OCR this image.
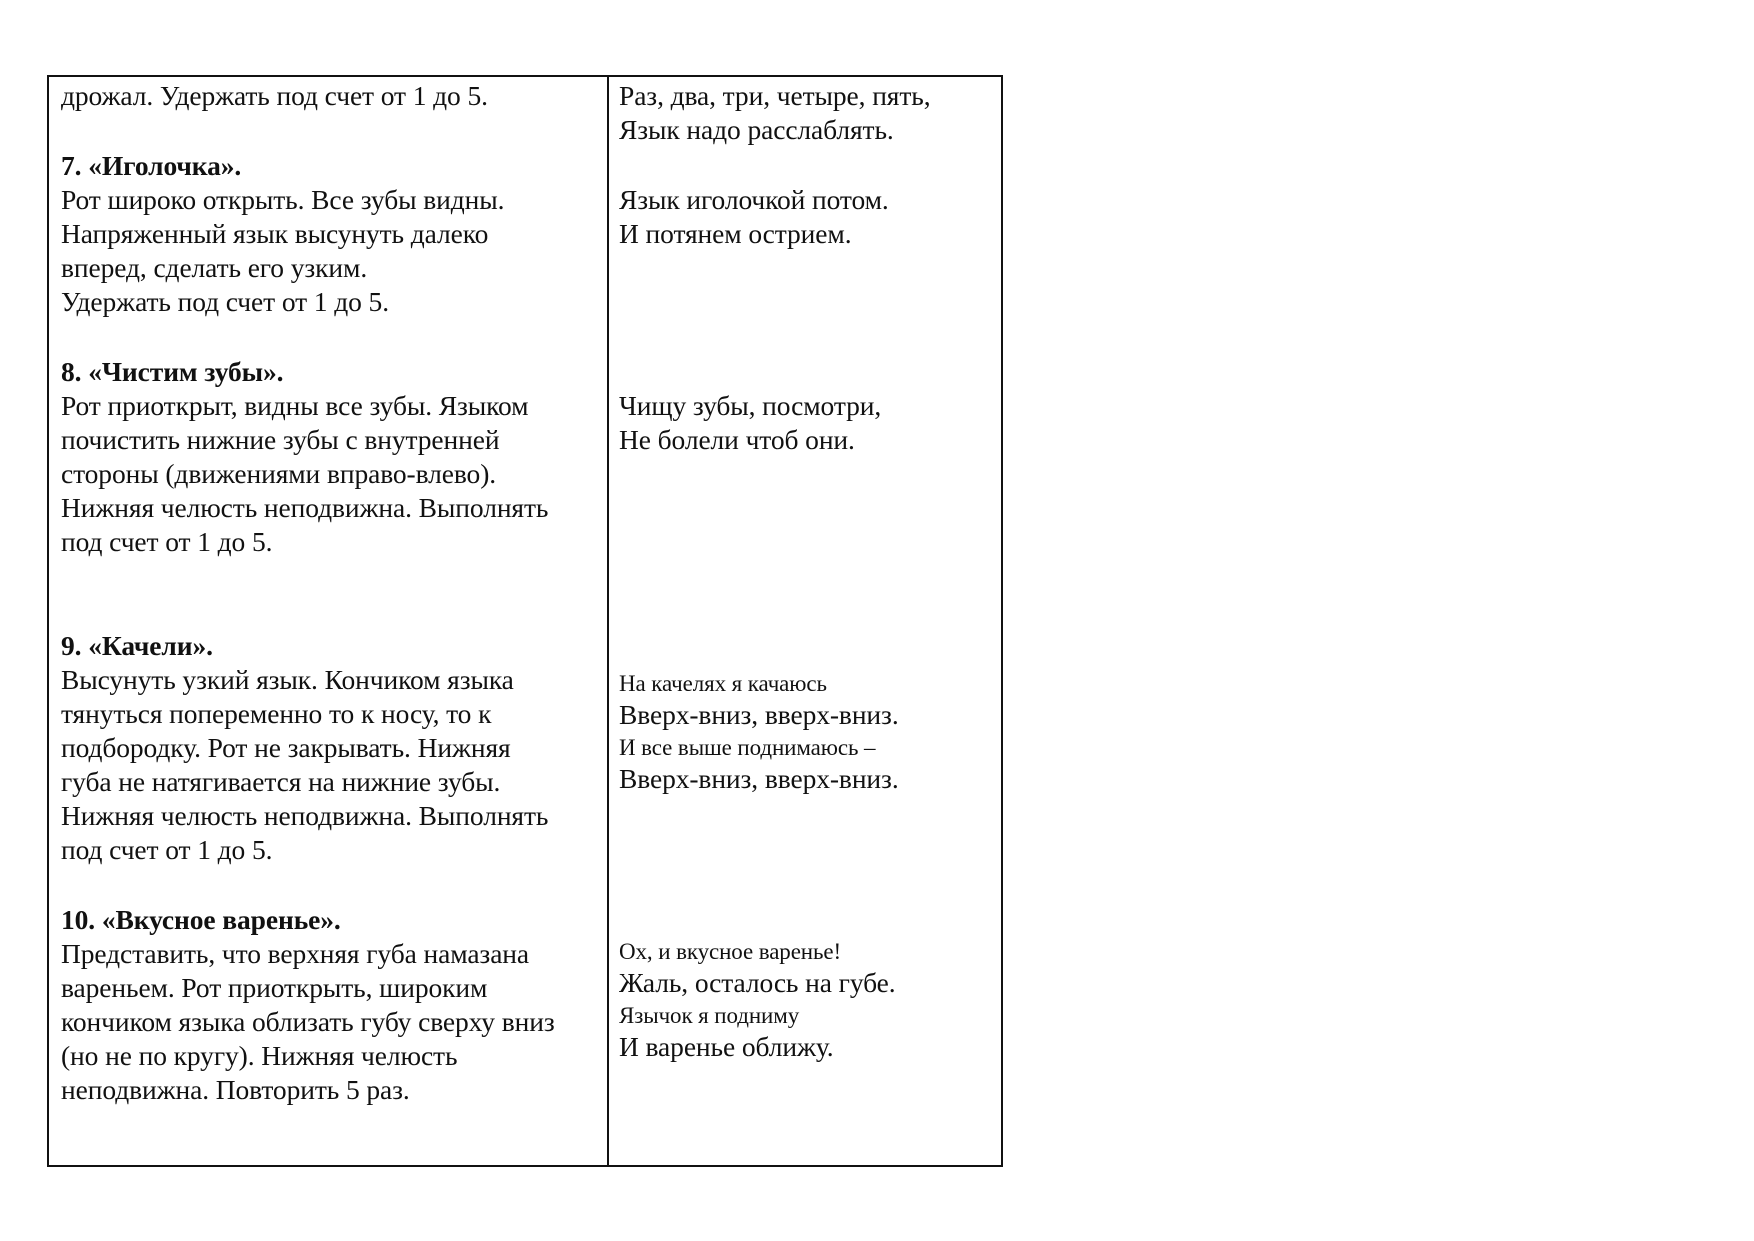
дрожал. Удержать под счет от 1 до 5.
7. «Иголочка».
Рот широко открыть. Все зубы видны.
Напряженный язык высунуть далеко
вперед, сделать его узким.
Удержать под счет от 1 до 5.
8. «Чистим зубы».
Рот приоткрыт, видны все зубы. Языком
почистить нижние зубы с внутренней
стороны (движениями вправо-влево).
Нижняя челюсть неподвижна. Выполнять
под счет от 1 до 5.
9. «Качели».
Высунуть узкий язык. Кончиком языка
тянуться попеременно то к носу, то к
подбородку. Рот не закрывать. Нижняя
губа не натягивается на нижние зубы.
Нижняя челюсть неподвижна. Выполнять
под счет от 1 до 5.
10. «Вкусное варенье».
Представить, что верхняя губа намазана
вареньем. Рот приоткрыть, широким
кончиком языка облизать губу сверху вниз
(но не по кругу). Нижняя челюсть
неподвижна. Повторить 5 раз.
Раз, два, три, четыре, пять,
Язык надо расслаблять.
Язык иголочкой потом.
И потянем острием.
Чищу зубы, посмотри,
Не болели чтоб они.
На качелях я качаюсь
Вверх-вниз, вверх-вниз.
И все выше поднимаюсь –
Вверх-вниз, вверх-вниз.
Ох, и вкусное варенье!
Жаль, осталось на губе.
Язычок я подниму
И варенье оближу.
